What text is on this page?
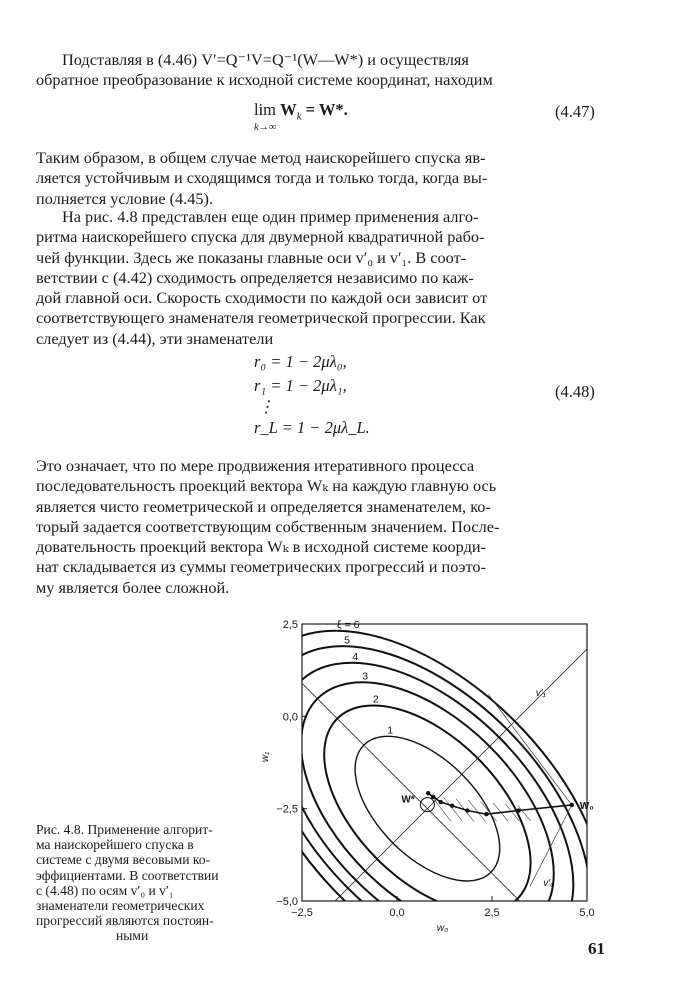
Подставляя в (4.46) V′=Q⁻¹V=Q⁻¹(W—W*) и осуществляя
обратное преобразование к исходной системе координат, находим
$\lim W_k = W*$.
k→∞
(4.47)
Таким образом, в общем случае метод наискорейшего спуска яв-
ляется устойчивым и сходящимся тогда и только тогда, когда вы-
полняется условие (4.45).
На рис. 4.8 представлен еще один пример применения алго-
ритма наискорейшего спуска для двумерной квадратичной рабо-
чей функции. Здесь же показаны главные оси v′₀ и v′₁. В соот-
ветствии с (4.42) сходимость определяется независимо по каж-
дой главной оси. Скорость сходимости по каждой оси зависит от
соответствующего знаменателя геометрической прогрессии. Как
следует из (4.44), эти знаменатели
r₀ = 1 − 2μλ₀,
r₁ = 1 − 2μλ₁,
⋮
r_L = 1 − 2μλ_L.
(4.48)
Это означает, что по мере продвижения итеративного процесса
последовательность проекций вектора Wₖ на каждую главную ось
является чисто геометрической и определяется знаменателем, ко-
торый задается соответствующим собственным значением. После-
довательность проекций вектора Wₖ в исходной системе коорди-
нат складывается из суммы геометрических прогрессий и поэто-
му является более сложной.
−2,5	0,0	2,5	5,0
2,5
0,0
−2,5
−5,0
w₀
w₁
1
2
3
4
5
ξ = 6
v′₁
v′₀
W*
W₀
Рис. 4.8. Применение алгорит-
ма наискорейшего спуска в
системе с двумя весовыми ко-
эффициентами. В соответствии
с (4.48) по осям v′₀ и v′₁
знаменатели геометрических
прогрессий являются постоян-
ными
61
